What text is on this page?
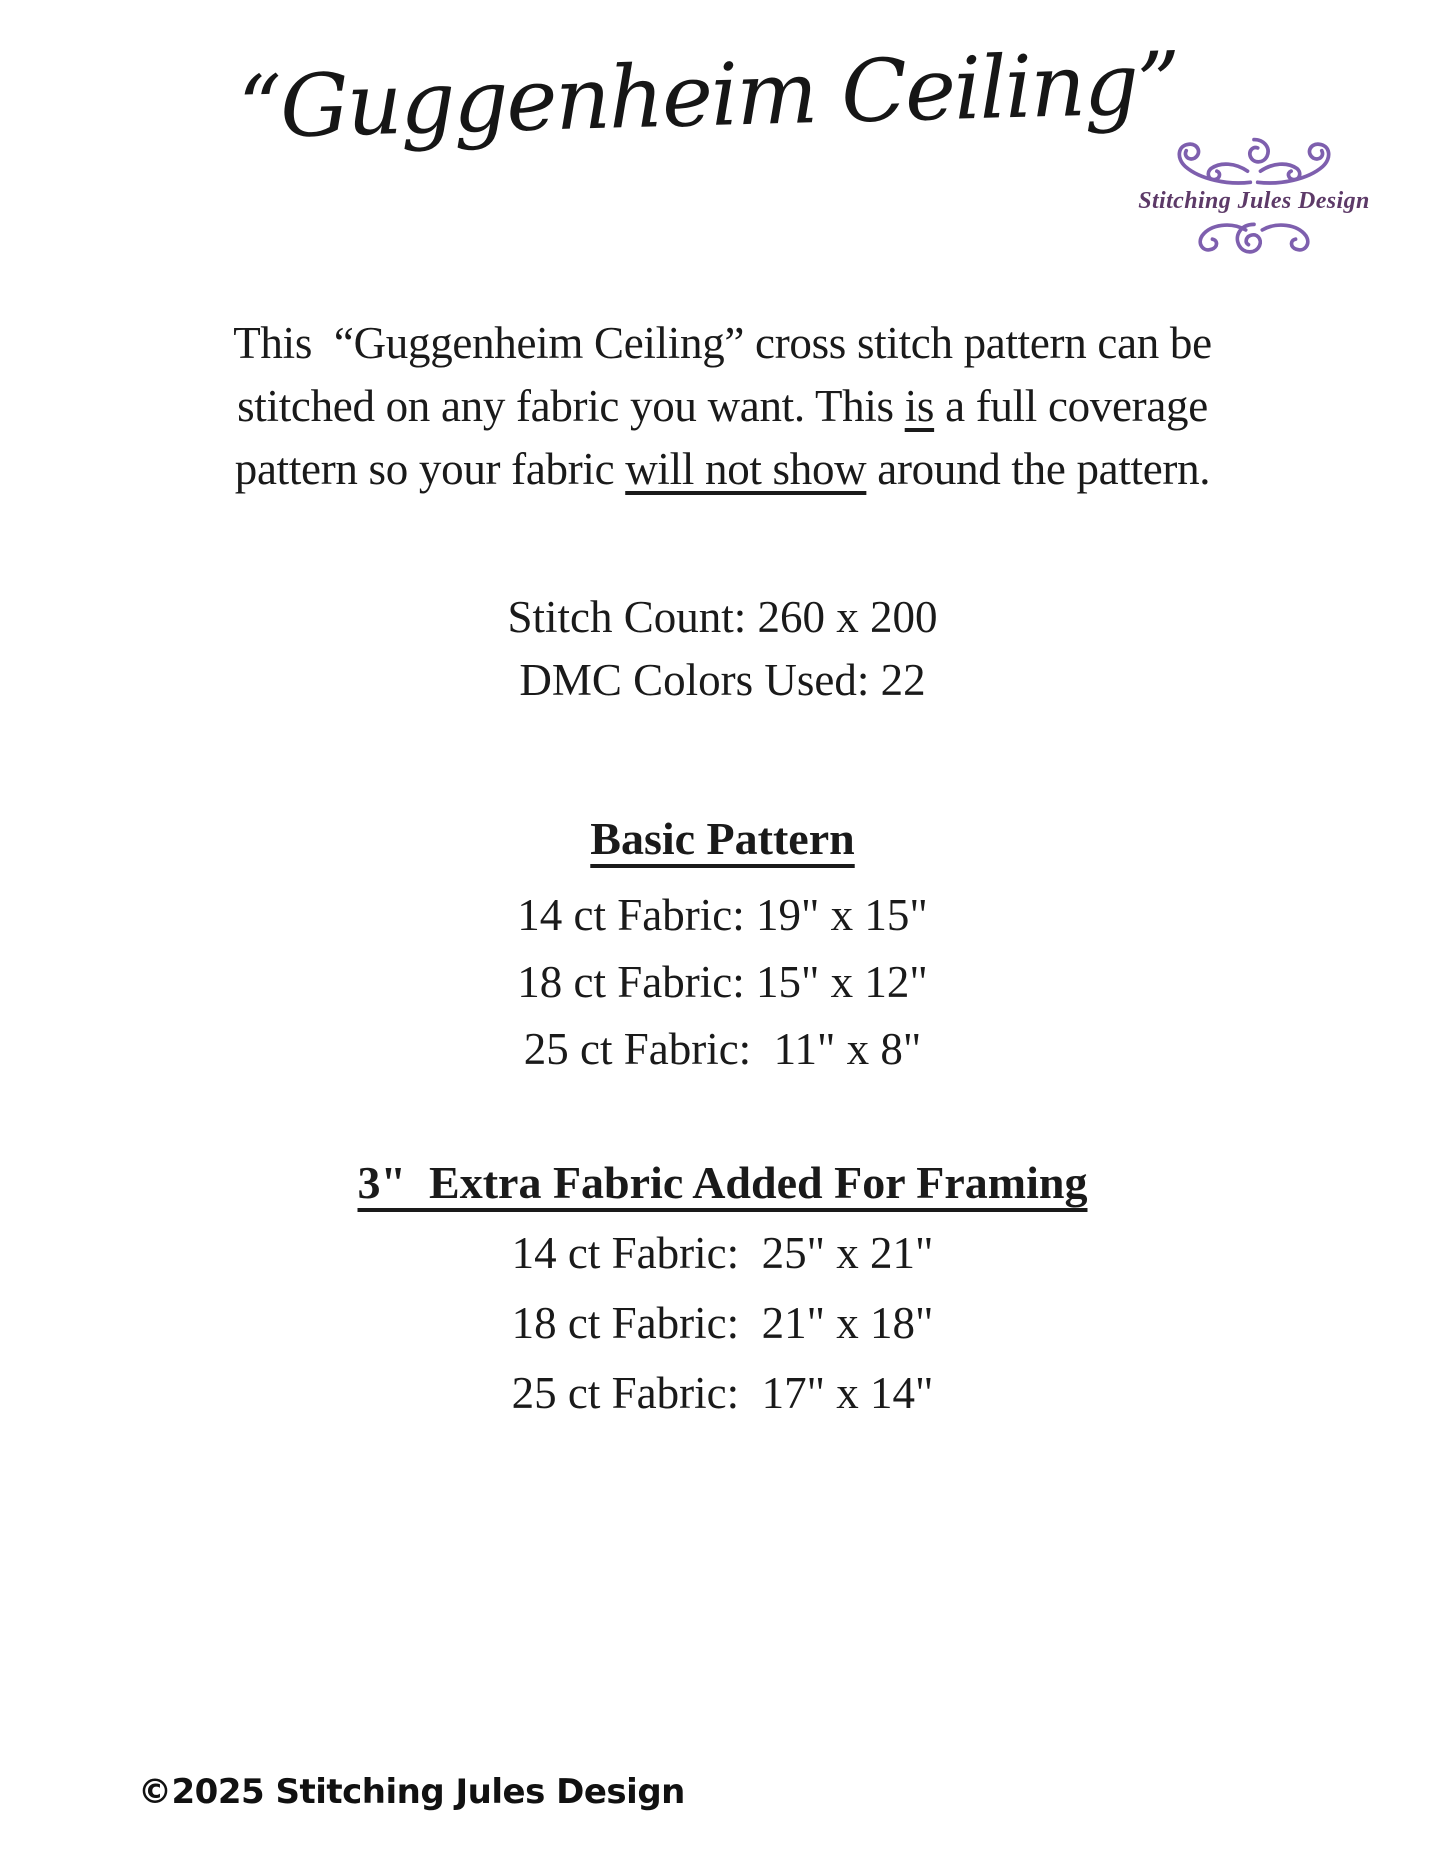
“Guggenheim Ceiling”
Stitching Jules Design

This  “Guggenheim Ceiling” cross stitch pattern can be
stitched on any fabric you want. This is a full coverage
pattern so your fabric will not show around the pattern.

Stitch Count: 260 x 200
DMC Colors Used: 22
Basic Pattern
14 ct Fabric: 19" x 15"
18 ct Fabric: 15" x 12"
25 ct Fabric:  11" x 8"
3"  Extra Fabric Added For Framing
14 ct Fabric:  25" x 21"
18 ct Fabric:  21" x 18"
25 ct Fabric:  17" x 14"
©2025 Stitching Jules Design
